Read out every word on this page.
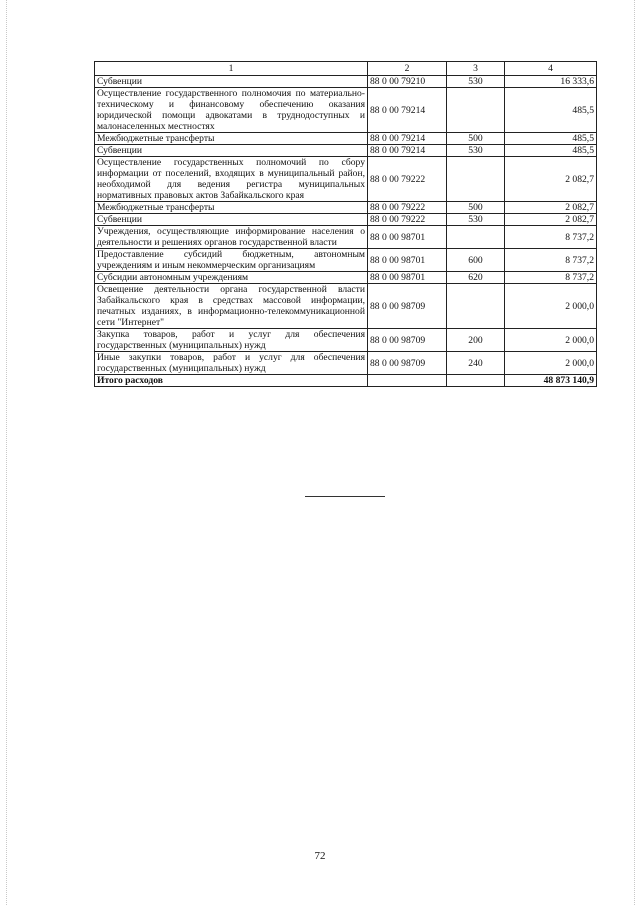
1	2	3	4
Субвенции	88 0 00 79210	530	16 333,6
Осуществление государственного полномочия по материально-техническому и финансовому обеспечению оказания юридической помощи адвокатами в труднодоступных и малонаселенных местностях	88 0 00 79214		485,5
Межбюджетные трансферты	88 0 00 79214	500	485,5
Субвенции	88 0 00 79214	530	485,5
Осуществление государственных полномочий по сбору информации от поселений, входящих в муниципальный район, необходимой для ведения регистра муниципальных нормативных правовых актов Забайкальского края	88 0 00 79222		2 082,7
Межбюджетные трансферты	88 0 00 79222	500	2 082,7
Субвенции	88 0 00 79222	530	2 082,7
Учреждения, осуществляющие информирование населения о деятельности и решениях органов государственной власти	88 0 00 98701		8 737,2
Предоставление субсидий бюджетным, автономным учреждениям и иным некоммерческим организациям	88 0 00 98701	600	8 737,2
Субсидии автономным учреждениям	88 0 00 98701	620	8 737,2
Освещение деятельности органа государственной власти Забайкальского края в средствах массовой информации, печатных изданиях, в информационно-телекоммуникационной сети "Интернет"	88 0 00 98709		2 000,0
Закупка товаров, работ и услуг для обеспечения государственных (муниципальных) нужд	88 0 00 98709	200	2 000,0
Иные закупки товаров, работ и услуг для обеспечения государственных (муниципальных) нужд	88 0 00 98709	240	2 000,0
Итого расходов			48 873 140,9
72
